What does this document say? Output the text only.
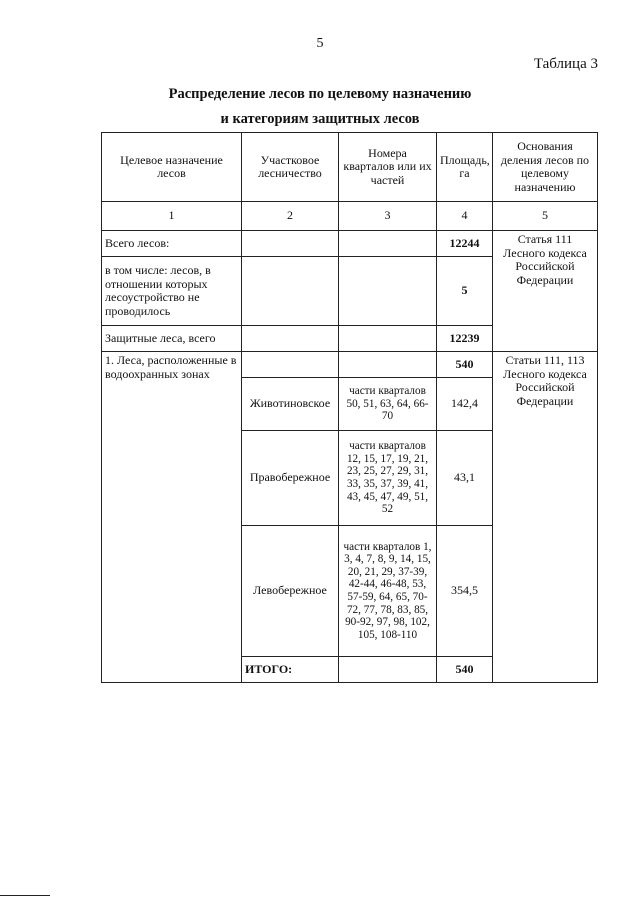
5
Таблица 3
Распределение лесов по целевому назначению
и категориям защитных лесов
Целевое назначение лесов	Участковое лесничество	Номера кварталов или их частей	Площадь, га	Основания деления лесов по целевому назначению
1	2	3	4	5
Всего лесов:			12244	Статья 111 Лесного кодекса Российской Федерации
в том числе: лесов, в отношении которых лесоустройство не проводилось			5	
Защитные леса, всего			12239	
1. Леса, расположенные в водоохранных зонах			540	Статьи 111, 113 Лесного кодекса Российской Федерации
	Животиновское	части кварталов 50, 51, 63, 64, 66-70	142,4	
	Правобережное	части кварталов 12, 15, 17, 19, 21, 23, 25, 27, 29, 31, 33, 35, 37, 39, 41, 43, 45, 47, 49, 51, 52	43,1	
	Левобережное	части кварталов 1, 3, 4, 7, 8, 9, 14, 15, 20, 21, 29, 37-39, 42-44, 46-48, 53, 57-59, 64, 65, 70-72, 77, 78, 83, 85, 90-92, 97, 98, 102, 105, 108-110	354,5	
	ИТОГО:		540	
